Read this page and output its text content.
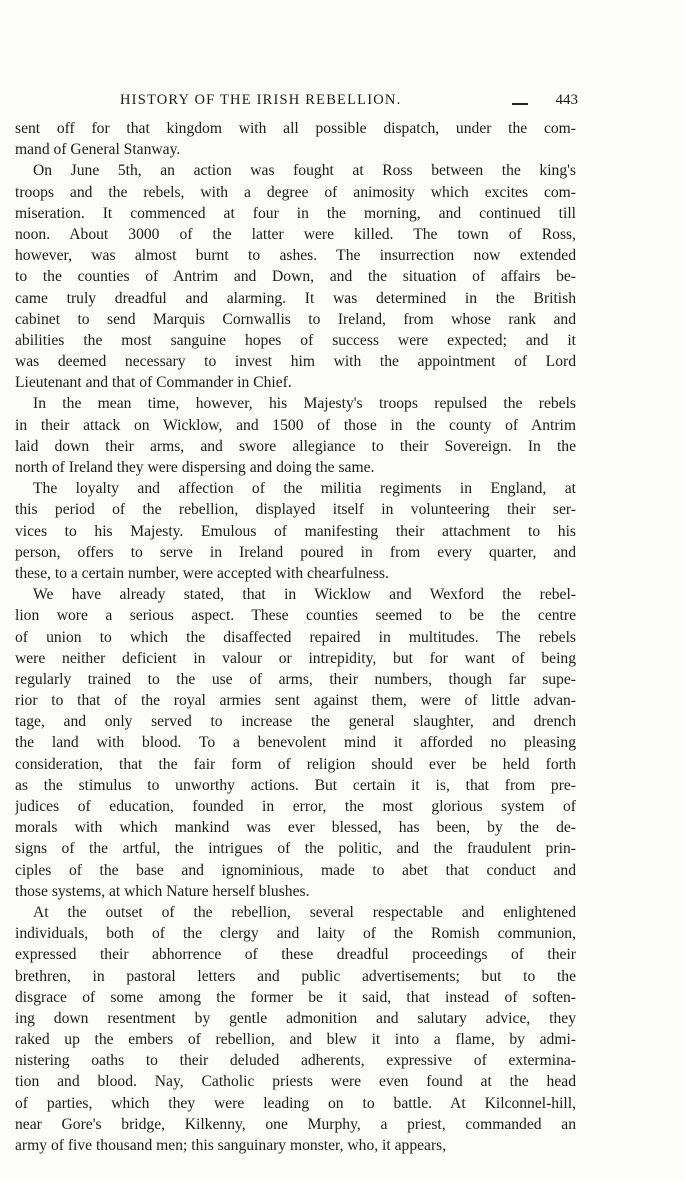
HISTORY OF THE IRISH REBELLION.	443
sent off for that kingdom with all possible dispatch, under the com-
mand of General Stanway.
On June 5th, an action was fought at Ross between the king's
troops and the rebels, with a degree of animosity which excites com-
miseration. It commenced at four in the morning, and continued till
noon. About 3000 of the latter were killed. The town of Ross,
however, was almost burnt to ashes. The insurrection now extended
to the counties of Antrim and Down, and the situation of affairs be-
came truly dreadful and alarming. It was determined in the British
cabinet to send Marquis Cornwallis to Ireland, from whose rank and
abilities the most sanguine hopes of success were expected; and it
was deemed necessary to invest him with the appointment of Lord
Lieutenant and that of Commander in Chief.
In the mean time, however, his Majesty's troops repulsed the rebels
in their attack on Wicklow, and 1500 of those in the county of Antrim
laid down their arms, and swore allegiance to their Sovereign. In the
north of Ireland they were dispersing and doing the same.
The loyalty and affection of the militia regiments in England, at
this period of the rebellion, displayed itself in volunteering their ser-
vices to his Majesty. Emulous of manifesting their attachment to his
person, offers to serve in Ireland poured in from every quarter, and
these, to a certain number, were accepted with chearfulness.
We have already stated, that in Wicklow and Wexford the rebel-
lion wore a serious aspect. These counties seemed to be the centre
of union to which the disaffected repaired in multitudes. The rebels
were neither deficient in valour or intrepidity, but for want of being
regularly trained to the use of arms, their numbers, though far supe-
rior to that of the royal armies sent against them, were of little advan-
tage, and only served to increase the general slaughter, and drench
the land with blood. To a benevolent mind it afforded no pleasing
consideration, that the fair form of religion should ever be held forth
as the stimulus to unworthy actions. But certain it is, that from pre-
judices of education, founded in error, the most glorious system of
morals with which mankind was ever blessed, has been, by the de-
signs of the artful, the intrigues of the politic, and the fraudulent prin-
ciples of the base and ignominious, made to abet that conduct and
those systems, at which Nature herself blushes.
At the outset of the rebellion, several respectable and enlightened
individuals, both of the clergy and laity of the Romish communion,
expressed their abhorrence of these dreadful proceedings of their
brethren, in pastoral letters and public advertisements; but to the
disgrace of some among the former be it said, that instead of soften-
ing down resentment by gentle admonition and salutary advice, they
raked up the embers of rebellion, and blew it into a flame, by admi-
nistering oaths to their deluded adherents, expressive of extermina-
tion and blood. Nay, Catholic priests were even found at the head
of parties, which they were leading on to battle. At Kilconnel-hill,
near Gore's bridge, Kilkenny, one Murphy, a priest, commanded an
army of five thousand men; this sanguinary monster, who, it appears,
